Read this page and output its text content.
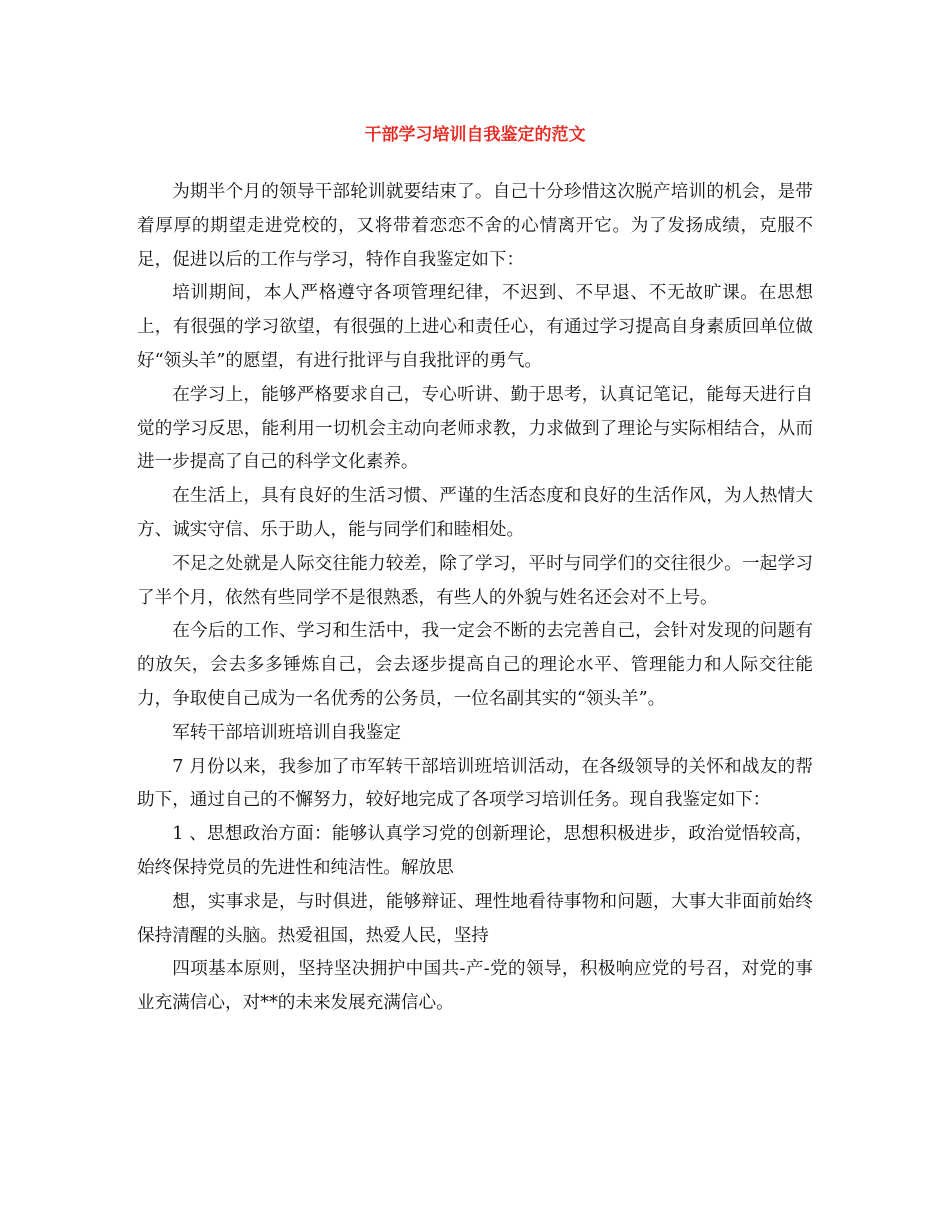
干部学习培训自我鉴定的范文

为期半个月的领导干部轮训就要结束了。自己十分珍惜这次脱产培训的机会，是带着厚厚的期望走进党校的，又将带着恋恋不舍的心情离开它。为了发扬成绩，克服不足，促进以后的工作与学习，特作自我鉴定如下：

培训期间，本人严格遵守各项管理纪律，不迟到、不早退、不无故旷课。在思想上，有很强的学习欲望，有很强的上进心和责任心，有通过学习提高自身素质回单位做好“领头羊”的愿望，有进行批评与自我批评的勇气。

在学习上，能够严格要求自己，专心听讲、勤于思考，认真记笔记，能每天进行自觉的学习反思，能利用一切机会主动向老师求教，力求做到了理论与实际相结合，从而进一步提高了自己的科学文化素养。

在生活上，具有良好的生活习惯、严谨的生活态度和良好的生活作风，为人热情大方、诚实守信、乐于助人，能与同学们和睦相处。

不足之处就是人际交往能力较差，除了学习，平时与同学们的交往很少。一起学习了半个月，依然有些同学不是很熟悉，有些人的外貌与姓名还会对不上号。

在今后的工作、学习和生活中，我一定会不断的去完善自己，会针对发现的问题有的放矢，会去多多锤炼自己，会去逐步提高自己的理论水平、管理能力和人际交往能力，争取使自己成为一名优秀的公务员，一位名副其实的“领头羊”。

军转干部培训班培训自我鉴定

7 月份以来，我参加了市军转干部培训班培训活动，在各级领导的关怀和战友的帮助下，通过自己的不懈努力，较好地完成了各项学习培训任务。现自我鉴定如下：

1 、思想政治方面：能够认真学习党的创新理论，思想积极进步，政治觉悟较高，始终保持党员的先进性和纯洁性。解放思

想，实事求是，与时俱进，能够辩证、理性地看待事物和问题，大事大非面前始终保持清醒的头脑。热爱祖国，热爱人民，坚持

四项基本原则，坚持坚决拥护中国共-产-党的领导，积极响应党的号召，对党的事业充满信心，对**的未来发展充满信心。
